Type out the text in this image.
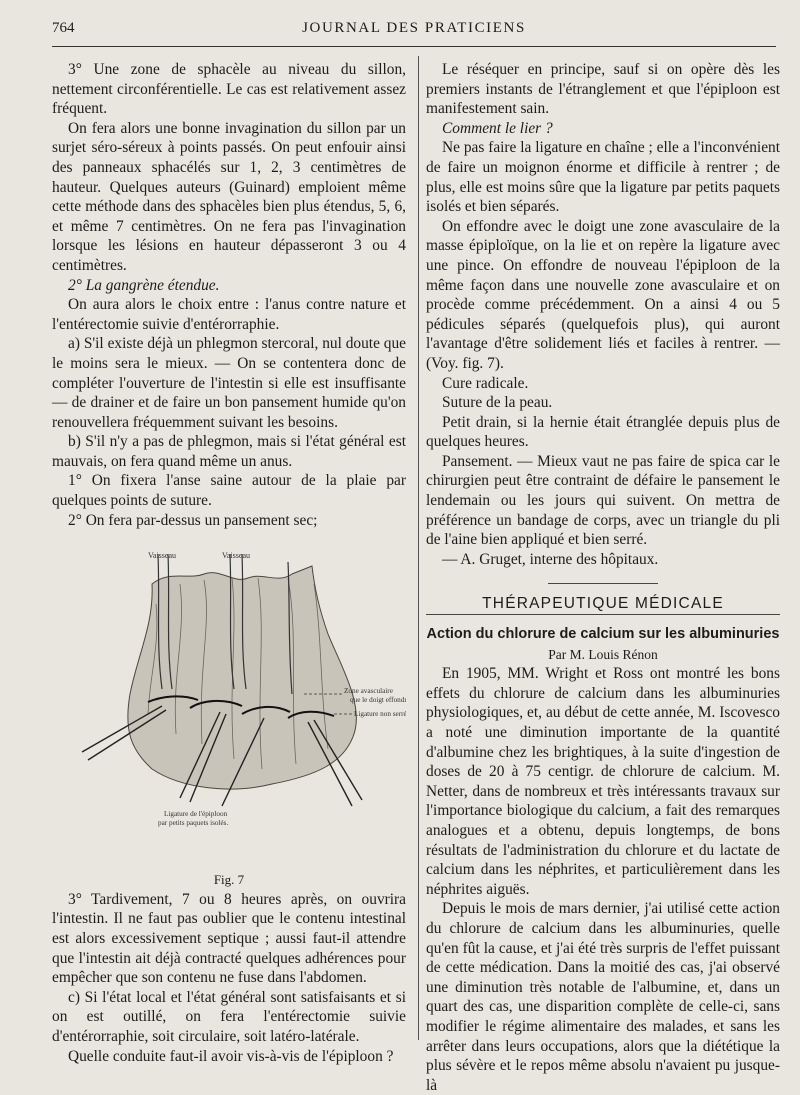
764	JOURNAL DES PRATICIENS

3° Une zone de sphacèle au niveau du sillon, nettement circonférentielle. Le cas est relativement assez fréquent.

On fera alors une bonne invagination du sillon par un surjet séro-séreux à points passés. On peut enfouir ainsi des panneaux sphacélés sur 1, 2, 3 centimètres de hauteur. Quelques auteurs (Guinard) emploient même cette méthode dans des sphacèles bien plus étendus, 5, 6, et même 7 centimètres. On ne fera pas l'invagination lorsque les lésions en hauteur dépasseront 3 ou 4 centimètres.

2° La gangrène étendue.

On aura alors le choix entre : l'anus contre nature et l'entérectomie suivie d'entérorraphie.

a) S'il existe déjà un phlegmon stercoral, nul doute que le moins sera le mieux. — On se contentera donc de compléter l'ouverture de l'intestin si elle est insuffisante — de drainer et de faire un bon pansement humide qu'on renouvellera fréquemment suivant les besoins.

b) S'il n'y a pas de phlegmon, mais si l'état général est mauvais, on fera quand même un anus.

1° On fixera l'anse saine autour de la plaie par quelques points de suture.

2° On fera par-dessus un pansement sec;

Vaisseau	Vaisseau
Zone avasculaire
que le doigt effondre.
Ligature non serrée
Ligature de l'épiploon
par petits paquets isolés.

Fig. 7

3° Tardivement, 7 ou 8 heures après, on ouvrira l'intestin. Il ne faut pas oublier que le contenu intestinal est alors excessivement septique ; aussi faut-il attendre que l'intestin ait déjà contracté quelques adhérences pour empêcher que son contenu ne fuse dans l'abdomen.

c) Si l'état local et l'état général sont satisfaisants et si on est outillé, on fera l'entérectomie suivie d'entérorraphie, soit circulaire, soit latéro-latérale.

Quelle conduite faut-il avoir vis-à-vis de l'épiploon ?

Le réséquer en principe, sauf si on opère dès les premiers instants de l'étranglement et que l'épiploon est manifestement sain.

Comment le lier ?

Ne pas faire la ligature en chaîne ; elle a l'inconvénient de faire un moignon énorme et difficile à rentrer ; de plus, elle est moins sûre que la ligature par petits paquets isolés et bien séparés.

On effondre avec le doigt une zone avasculaire de la masse épiploïque, on la lie et on repère la ligature avec une pince. On effondre de nouveau l'épiploon de la même façon dans une nouvelle zone avasculaire et on procède comme précédemment. On a ainsi 4 ou 5 pédicules séparés (quelquefois plus), qui auront l'avantage d'être solidement liés et faciles à rentrer. — (Voy. fig. 7).

Cure radicale.

Suture de la peau.

Petit drain, si la hernie était étranglée depuis plus de quelques heures.

Pansement. — Mieux vaut ne pas faire de spica car le chirurgien peut être contraint de défaire le pansement le lendemain ou les jours qui suivent. On mettra de préférence un bandage de corps, avec un triangle du pli de l'aine bien appliqué et bien serré.

— A. Gruget, interne des hôpitaux.

THÉRAPEUTIQUE MÉDICALE

Action du chlorure de calcium sur les albuminuries

Par M. Louis Rénon

En 1905, MM. Wright et Ross ont montré les bons effets du chlorure de calcium dans les albuminuries physiologiques, et, au début de cette année, M. Iscovesco a noté une diminution importante de la quantité d'albumine chez les brightiques, à la suite d'ingestion de doses de 20 à 75 centigr. de chlorure de calcium. M. Netter, dans de nombreux et très intéressants travaux sur l'importance biologique du calcium, a fait des remarques analogues et a obtenu, depuis longtemps, de bons résultats de l'administration du chlorure et du lactate de calcium dans les néphrites, et particulièrement dans les néphrites aiguës.

Depuis le mois de mars dernier, j'ai utilisé cette action du chlorure de calcium dans les albuminuries, quelle qu'en fût la cause, et j'ai été très surpris de l'effet puissant de cette médication. Dans la moitié des cas, j'ai observé une diminution très notable de l'albumine, et, dans un quart des cas, une disparition complète de celle-ci, sans modifier le régime alimentaire des malades, et sans les arrêter dans leurs occupations, alors que la diététique la plus sévère et le repos même absolu n'avaient pu jusque-là
